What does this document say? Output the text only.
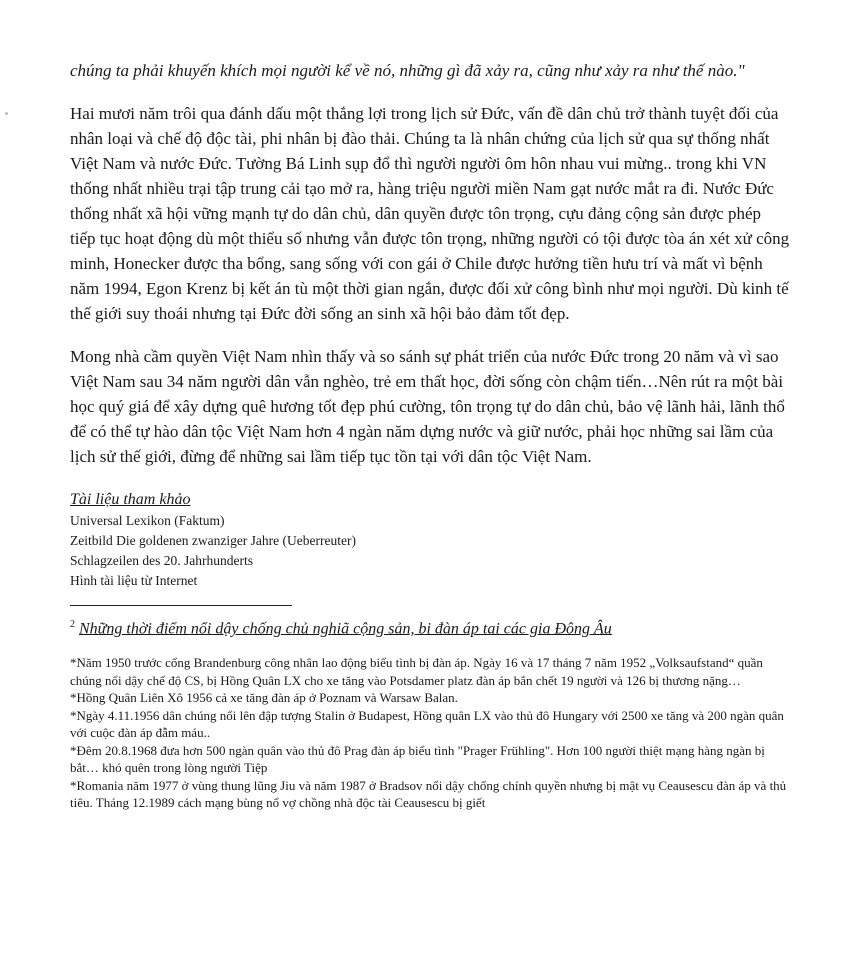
chúng ta phải khuyến khích mọi người kể về nó, những gì đã xảy ra, cũng như xảy ra như thế nào."

Hai mươi năm trôi qua đánh dấu một thắng lợi trong lịch sử Đức, vấn đề dân chủ trở thành tuyệt đối của nhân loại và chế độ độc tài, phi nhân bị đào thải. Chúng ta là nhân chứng của lịch sử qua sự thống nhất Việt Nam và nước Đức. Tường Bá Linh sụp đổ thì người người ôm hôn nhau vui mừng.. trong khi VN thống nhất nhiều trại tập trung cải tạo mở ra, hàng triệu người miền Nam gạt nước mắt ra đi. Nước Đức thống nhất xã hội vững mạnh tự do dân chủ, dân quyền được tôn trọng, cựu đảng cộng sản được phép tiếp tục hoạt động dù một thiểu số nhưng vẫn được tôn trọng, những người có tội được tòa án xét xử công minh, Honecker được tha bổng, sang sống với con gái ở Chile được hưởng tiền hưu trí và mất vì bệnh năm 1994, Egon Krenz bị kết án tù một thời gian ngắn, được đối xử công bình như mọi người. Dù kinh tế thế giới suy thoái nhưng tại Đức đời sống an sinh xã hội bảo đảm tốt đẹp.

Mong nhà cầm quyền Việt Nam nhìn thấy và so sánh sự phát triển của nước Đức trong 20 năm và vì sao Việt Nam sau 34 năm người dân vẫn nghèo, trẻ em thất học, đời sống còn chậm tiến…Nên rút ra một bài học quý giá để xây dựng quê hương tốt đẹp phú cường, tôn trọng tự do dân chủ, bảo vệ lãnh hải, lãnh thổ để có thể tự hào dân tộc Việt Nam hơn 4 ngàn năm dựng nước và giữ nước, phải học những sai lầm của lịch sử thế giới, đừng để những sai lầm tiếp tục tồn tại với dân tộc Việt Nam.

Tài liệu tham khảo

Universal Lexikon (Faktum)

Zeitbild Die goldenen zwanziger Jahre (Ueberreuter)

Schlagzeilen des 20. Jahrhunderts

Hình tài liệu từ Internet

$^2$ Những thời điểm nổi dậy chống chủ nghiã cộng sản, bi đàn áp tai các gia Đông Âu

*Năm 1950 trước cổng Brandenburg công nhân lao động biểu tình bị đàn áp. Ngày 16 và 17 tháng 7 năm 1952 „Volksaufstand“ quần chúng nổi dậy chế độ CS, bị Hồng Quân LX cho xe tăng vào Potsdamer platz đàn áp bắn chết 19 người và 126 bị thương nặng…

*Hồng Quân Liên Xô 1956 cả xe tăng đàn áp ở Poznam và Warsaw Balan.

*Ngày 4.11.1956 dân chúng nổi lên đập tượng Stalin ở Budapest, Hồng quân LX vào thủ đô Hungary với 2500 xe tăng và 200 ngàn quân với cuộc đàn áp đẫm máu..

*Đêm 20.8.1968 đưa hơn 500 ngàn quân vào thủ đô Prag đàn áp biểu tình "Prager Frühling". Hơn 100 người thiệt mạng hàng ngàn bị bắt… khó quên trong lòng người Tiệp

*Romania năm 1977 ở vùng thung lũng Jiu và năm 1987 ở Bradsov nổi dậy chống chính quyền nhưng bị mật vụ Ceausescu đàn áp và thủ tiêu. Tháng 12.1989 cách mạng bùng nổ vợ chồng nhà độc tài Ceausescu bị giết
